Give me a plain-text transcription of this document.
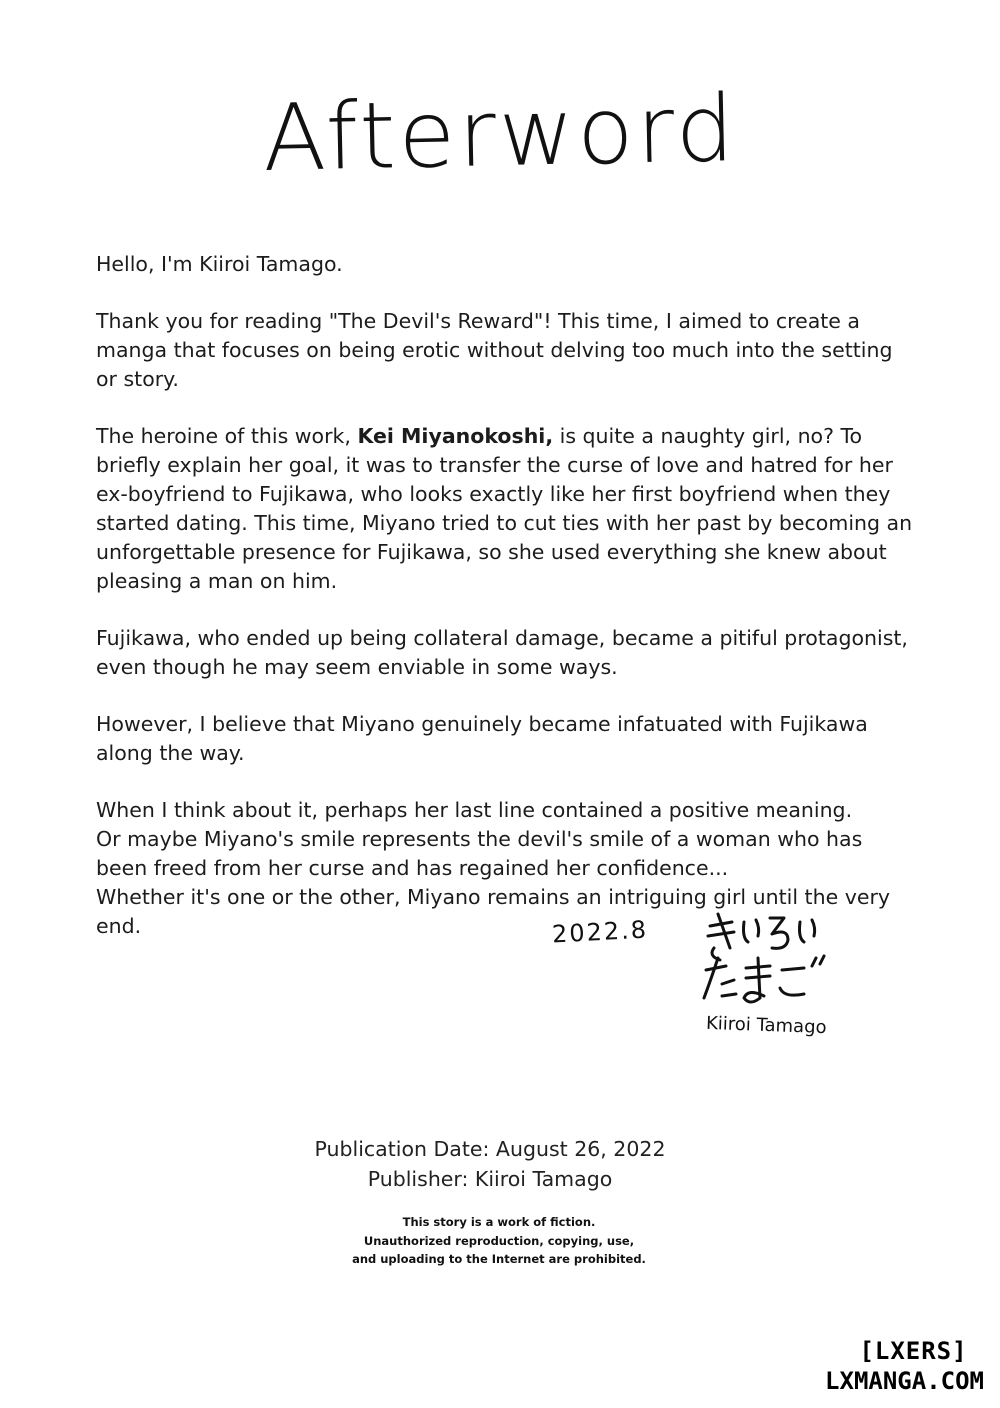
Afterword

Hello, I'm Kiiroi Tamago.

Thank you for reading "The Devil's Reward"! This time, I aimed to create a manga that focuses on being erotic without delving too much into the setting or story.

The heroine of this work, Kei Miyanokoshi, is quite a naughty girl, no? To briefly explain her goal, it was to transfer the curse of love and hatred for her ex-boyfriend to Fujikawa, who looks exactly like her first boyfriend when they started dating. This time, Miyano tried to cut ties with her past by becoming an unforgettable presence for Fujikawa, so she used everything she knew about pleasing a man on him.

Fujikawa, who ended up being collateral damage, became a pitiful protagonist, even though he may seem enviable in some ways.

However, I believe that Miyano genuinely became infatuated with Fujikawa along the way.

When I think about it, perhaps her last line contained a positive meaning.

Or maybe Miyano's smile represents the devil's smile of a woman who has been freed from her curse and has regained her confidence...

Whether it's one or the other, Miyano remains an intriguing girl until the very end.	2022.8
Kiiroi Tamago
Publication Date: August 26, 2022
Publisher: Kiiroi Tamago
This story is a work of fiction.
Unauthorized reproduction, copying, use,
and uploading to the Internet are prohibited.
[LXERS]
LXMANGA.COM
